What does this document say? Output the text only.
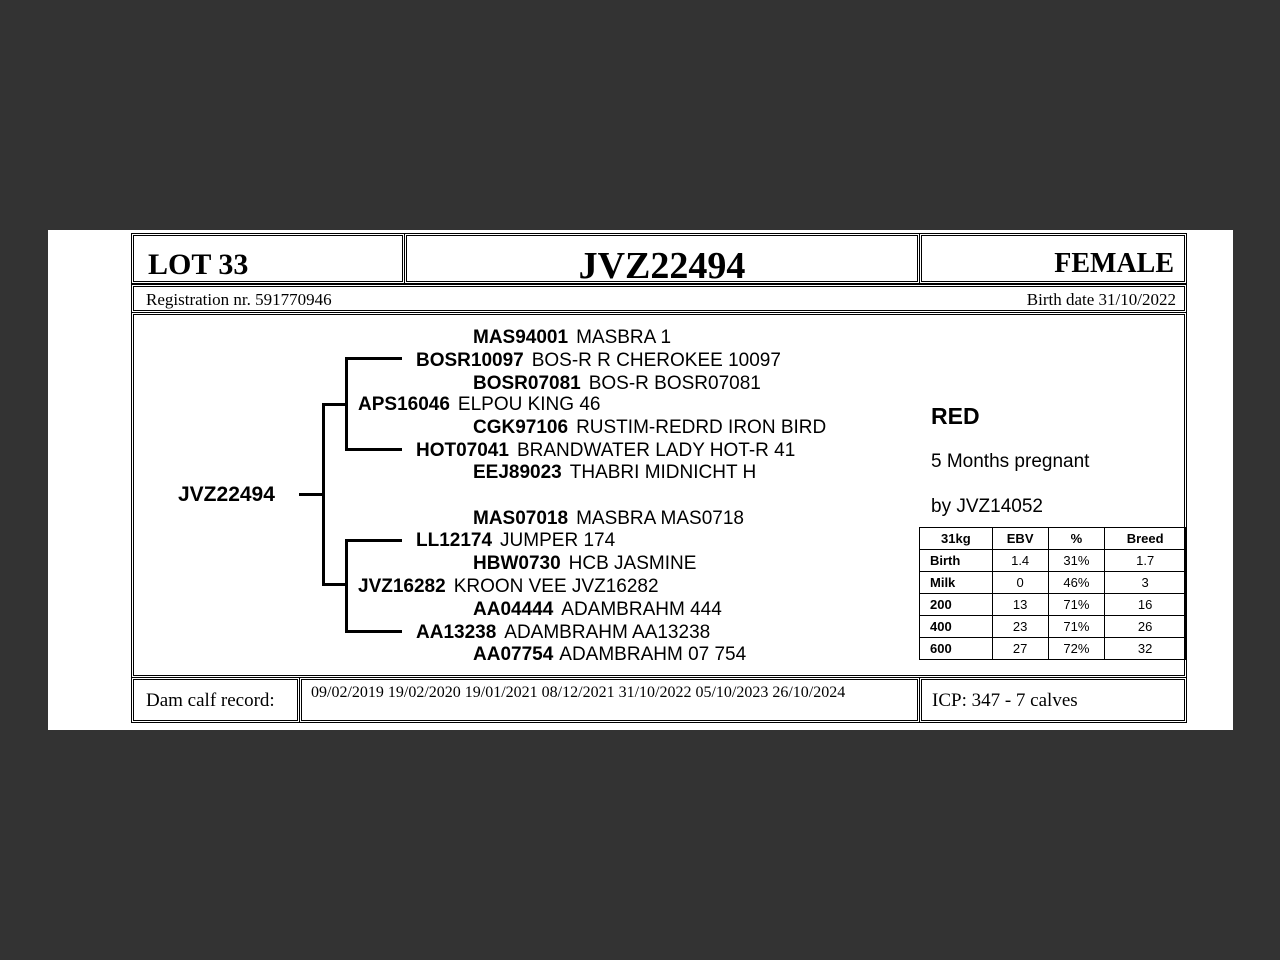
LOT 33	JVZ22494	FEMALE
Registration nr. 591770946	Birth date 31/10/2022
JVZ22494
MAS94001 MASBRA 1
BOSR10097 BOS-R R CHEROKEE 10097
BOSR07081 BOS-R BOSR07081
APS16046 ELPOU KING 46
CGK97106 RUSTIM-REDRD IRON BIRD
HOT07041 BRANDWATER LADY HOT-R 41
EEJ89023 THABRI MIDNICHT H
MAS07018 MASBRA MAS0718
LL12174 JUMPER 174
HBW0730 HCB JASMINE
JVZ16282 KROON VEE JVZ16282
AA04444 ADAMBRAHM 444
AA13238 ADAMBRAHM AA13238
AA07754 ADAMBRAHM 07 754
RED
5 Months pregnant
by JVZ14052
31kg	EBV	%	Breed
Birth	1.4	31%	1.7
Milk	0	46%	3
200	13	71%	16
400	23	71%	26
600	27	72%	32
Dam calf record: 09/02/2019 19/02/2020 19/01/2021 08/12/2021 31/10/2022 05/10/2023 26/10/2024	ICP: 347 - 7 calves
